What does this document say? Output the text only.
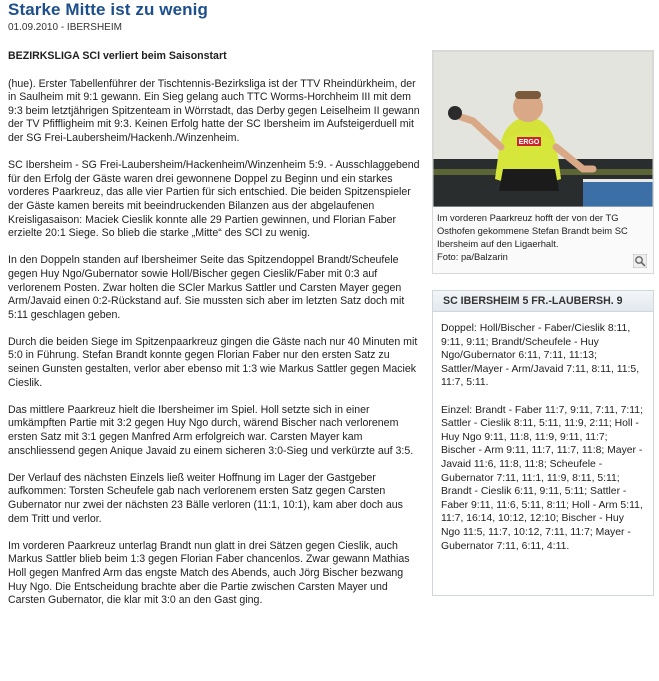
Starke Mitte ist zu wenig
01.09.2010 - IBERSHEIM

BEZIRKSLIGA SCI verliert beim Saisonstart

(hue). Erster Tabellenführer der Tischtennis-Bezirksliga ist der TTV Rheindürkheim, der in Saulheim mit 9:1 gewann. Ein Sieg gelang auch TTC Worms-Horchheim III mit dem 9:3 beim letztjährigen Spitzenteam in Wörrstadt, das Derby gegen Leiselheim II gewann der TV Pfiffligheim mit 9:3. Keinen Erfolg hatte der SC Ibersheim im Aufsteigerduell mit der SG Frei-Laubersheim/Hackenh./Winzenheim.

SC Ibersheim - SG Frei-Laubersheim/Hackenheim/Winzenheim 5:9. - Ausschlaggebend für den Erfolg der Gäste waren drei gewonnene Doppel zu Beginn und ein starkes vorderes Paarkreuz, das alle vier Partien für sich entschied. Die beiden Spitzenspieler der Gäste kamen bereits mit beeindruckenden Bilanzen aus der abgelaufenen Kreisligasaison: Maciek Cieslik konnte alle 29 Partien gewinnen, und Florian Faber erzielte 20:1 Siege. So blieb die starke „Mitte“ des SCI zu wenig.

In den Doppeln standen auf Ibersheimer Seite das Spitzendoppel Brandt/Scheufele gegen Huy Ngo/Gubernator sowie Holl/Bischer gegen Cieslik/Faber mit 0:3 auf verlorenem Posten. Zwar holten die SCler Markus Sattler und Carsten Mayer gegen Arm/Javaid einen 0:2-Rückstand auf. Sie mussten sich aber im letzten Satz doch mit 5:11 geschlagen geben.

Durch die beiden Siege im Spitzenpaarkreuz gingen die Gäste nach nur 40 Minuten mit 5:0 in Führung. Stefan Brandt konnte gegen Florian Faber nur den ersten Satz zu seinen Gunsten gestalten, verlor aber ebenso mit 1:3 wie Markus Sattler gegen Maciek Cieslik.

Das mittlere Paarkreuz hielt die Ibersheimer im Spiel. Holl setzte sich in einer umkämpften Partie mit 3:2 gegen Huy Ngo durch, wärend Bischer nach verlorenem ersten Satz mit 3:1 gegen Manfred Arm erfolgreich war. Carsten Mayer kam anschliessend gegen Anique Javaid zu einem sicheren 3:0-Sieg und verkürzte auf 3:5.

Der Verlauf des nächsten Einzels ließ weiter Hoffnung im Lager der Gastgeber aufkommen: Torsten Scheufele gab nach verlorenem ersten Satz gegen Carsten Gubernator nur zwei der nächsten 23 Bälle verloren (11:1, 10:1), kam aber doch aus dem Tritt und verlor.

Im vorderen Paarkreuz unterlag Brandt nun glatt in drei Sätzen gegen Cieslik, auch Markus Sattler blieb beim 1:3 gegen Florian Faber chancenlos. Zwar gewann Mathias Holl gegen Manfred Arm das engste Match des Abends, auch Jörg Bischer bezwang Huy Ngo. Die Entscheidung brachte aber die Partie zwischen Carsten Mayer und Carsten Gubernator, die klar mit 3:0 an den Gast ging.

ERGO
Im vorderen Paarkreuz hofft der von der TG Osthofen gekommene Stefan Brandt beim SC Ibersheim auf den Ligaerhalt.
Foto: pa/Balzarin
SC IBERSHEIM 5 FR.-LAUBERSH. 9

Doppel: Holl/Bischer - Faber/Cieslik 8:11, 9:11, 9:11; Brandt/Scheufele - Huy Ngo/Gubernator 6:11, 7:11, 11:13; Sattler/Mayer - Arm/Javaid 7:11, 8:11, 11:5, 11:7, 5:11.

Einzel: Brandt - Faber 11:7, 9:11, 7:11, 7:11; Sattler - Cieslik 8:11, 5:11, 11:9, 2:11; Holl - Huy Ngo 9:11, 11:8, 11:9, 9:11, 11:7; Bischer - Arm 9:11, 11:7, 11:7, 11:8; Mayer - Javaid 11:6, 11:8, 11:8; Scheufele - Gubernator 7:11, 11:1, 11:9, 8:11, 5:11; Brandt - Cieslik 6:11, 9:11, 5:11; Sattler - Faber 9:11, 11:6, 5:11, 8:11; Holl - Arm 5:11, 11:7, 16:14, 10:12, 12:10; Bischer - Huy Ngo 11:5, 11:7, 10:12, 7:11, 11:7; Mayer - Gubernator 7:11, 6:11, 4:11.
